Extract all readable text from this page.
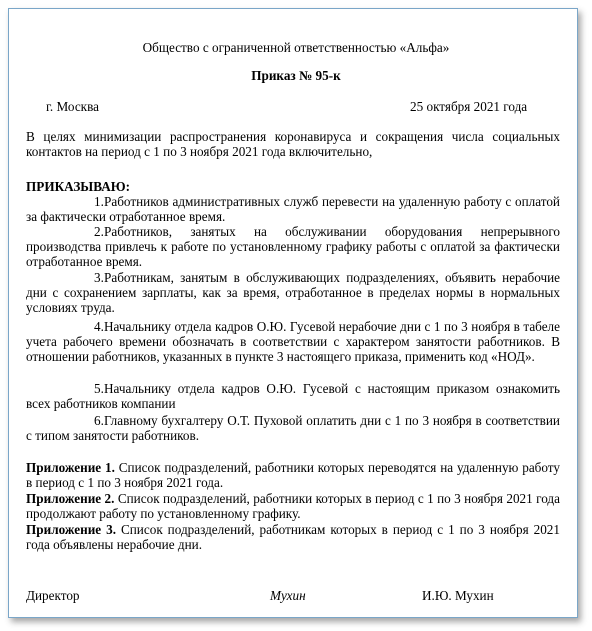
Общество с ограниченной ответственностью «Альфа»
Приказ № 95-к
г. Москва	25 октября 2021 года
В целях минимизации распространения коронавируса и сокращения числа социальных контактов на период с 1 по 3 ноября 2021 года включительно,
ПРИКАЗЫВАЮ:
1.Работников административных служб перевести на удаленную работу с оплатой за фактически отработанное время.
2.Работников, занятых на обслуживании оборудования непрерывного производства привлечь к работе по установленному графику работы с оплатой за фактически отработанное время.
3.Работникам, занятым в обслуживающих подразделениях, объявить нерабочие дни с сохранением зарплаты, как за время, отработанное в пределах нормы в нормальных условиях труда.
4.Начальнику отдела кадров О.Ю. Гусевой нерабочие дни с 1 по 3 ноября в табеле учета рабочего времени обозначать в соответствии с характером занятости работников. В отношении работников, указанных в пункте 3 настоящего приказа, применить код «НОД».
5.Начальнику отдела кадров О.Ю. Гусевой с настоящим приказом ознакомить всех работников компании
6.Главному бухгалтеру О.Т. Пуховой оплатить дни с 1 по 3 ноября в соответствии с типом занятости работников.
Приложение 1. Список подразделений, работники которых переводятся на удаленную работу в период с 1 по 3 ноября 2021 года.
Приложение 2. Список подразделений, работники которых в период с 1 по 3 ноября 2021 года продолжают работу по установленному графику.
Приложение 3. Список подразделений, работникам которых в период с 1 по 3 ноября 2021 года объявлены нерабочие дни.
Директор	Мухин	И.Ю. Мухин
